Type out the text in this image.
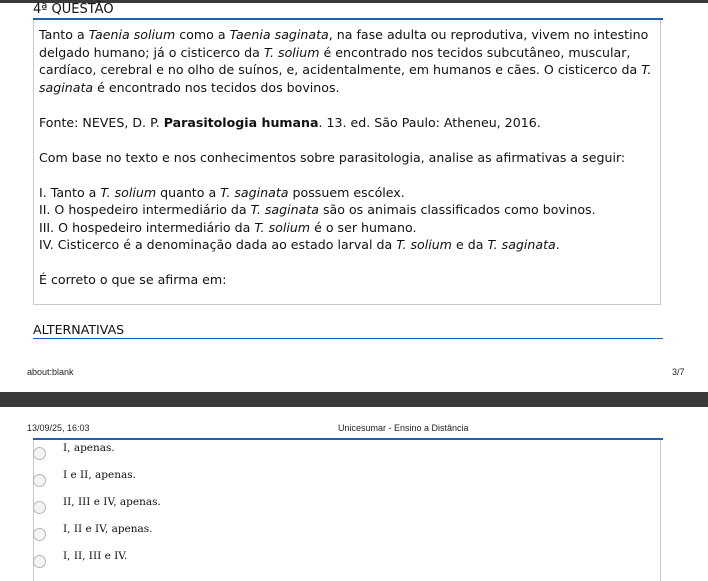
4ª QUESTÃO

Tanto a Taenia solium como a Taenia saginata, na fase adulta ou reprodutiva, vivem no intestino delgado humano; já o cisticerco da T. solium é encontrado nos tecidos subcutâneo, muscular, cardíaco, cerebral e no olho de suínos, e, acidentalmente, em humanos e cães. O cisticerco da T. saginata é encontrado nos tecidos dos bovinos.

Fonte: NEVES, D. P. Parasitologia humana. 13. ed. São Paulo: Atheneu, 2016.

Com base no texto e nos conhecimentos sobre parasitologia, analise as afirmativas a seguir:

I. Tanto a T. solium quanto a T. saginata possuem escólex.

II. O hospedeiro intermediário da T. saginata são os animais classificados como bovinos.

III. O hospedeiro intermediário da T. solium é o ser humano.

IV. Cisticerco é a denominação dada ao estado larval da T. solium e da T. saginata.

É correto o que se afirma em:

ALTERNATIVAS
about:blank	3/7
13/09/25, 16:03	Unicesumar - Ensino a Distância
I, apenas.
I e II, apenas.
II, III e IV, apenas.
I, II e IV, apenas.
I, II, III e IV.
